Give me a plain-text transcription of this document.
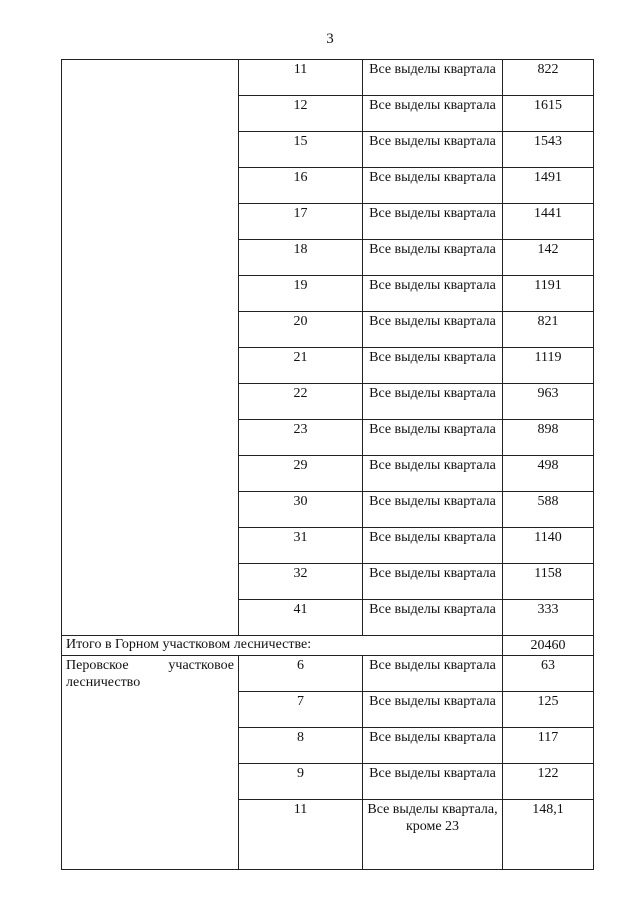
3
	11	Все выделы квартала	822
	12	Все выделы квартала	1615
	15	Все выделы квартала	1543
	16	Все выделы квартала	1491
	17	Все выделы квартала	1441
	18	Все выделы квартала	142
	19	Все выделы квартала	1191
	20	Все выделы квартала	821
	21	Все выделы квартала	1119
	22	Все выделы квартала	963
	23	Все выделы квартала	898
	29	Все выделы квартала	498
	30	Все выделы квартала	588
	31	Все выделы квартала	1140
	32	Все выделы квартала	1158
	41	Все выделы квартала	333
Итого в Горном участковом лесничестве:			20460

Перовское участковое
лесничество	6	Все выделы квартала	63
	7	Все выделы квартала	125
	8	Все выделы квартала	117
	9	Все выделы квартала	122
	11	Все выделы квартала, кроме 23	148,1
